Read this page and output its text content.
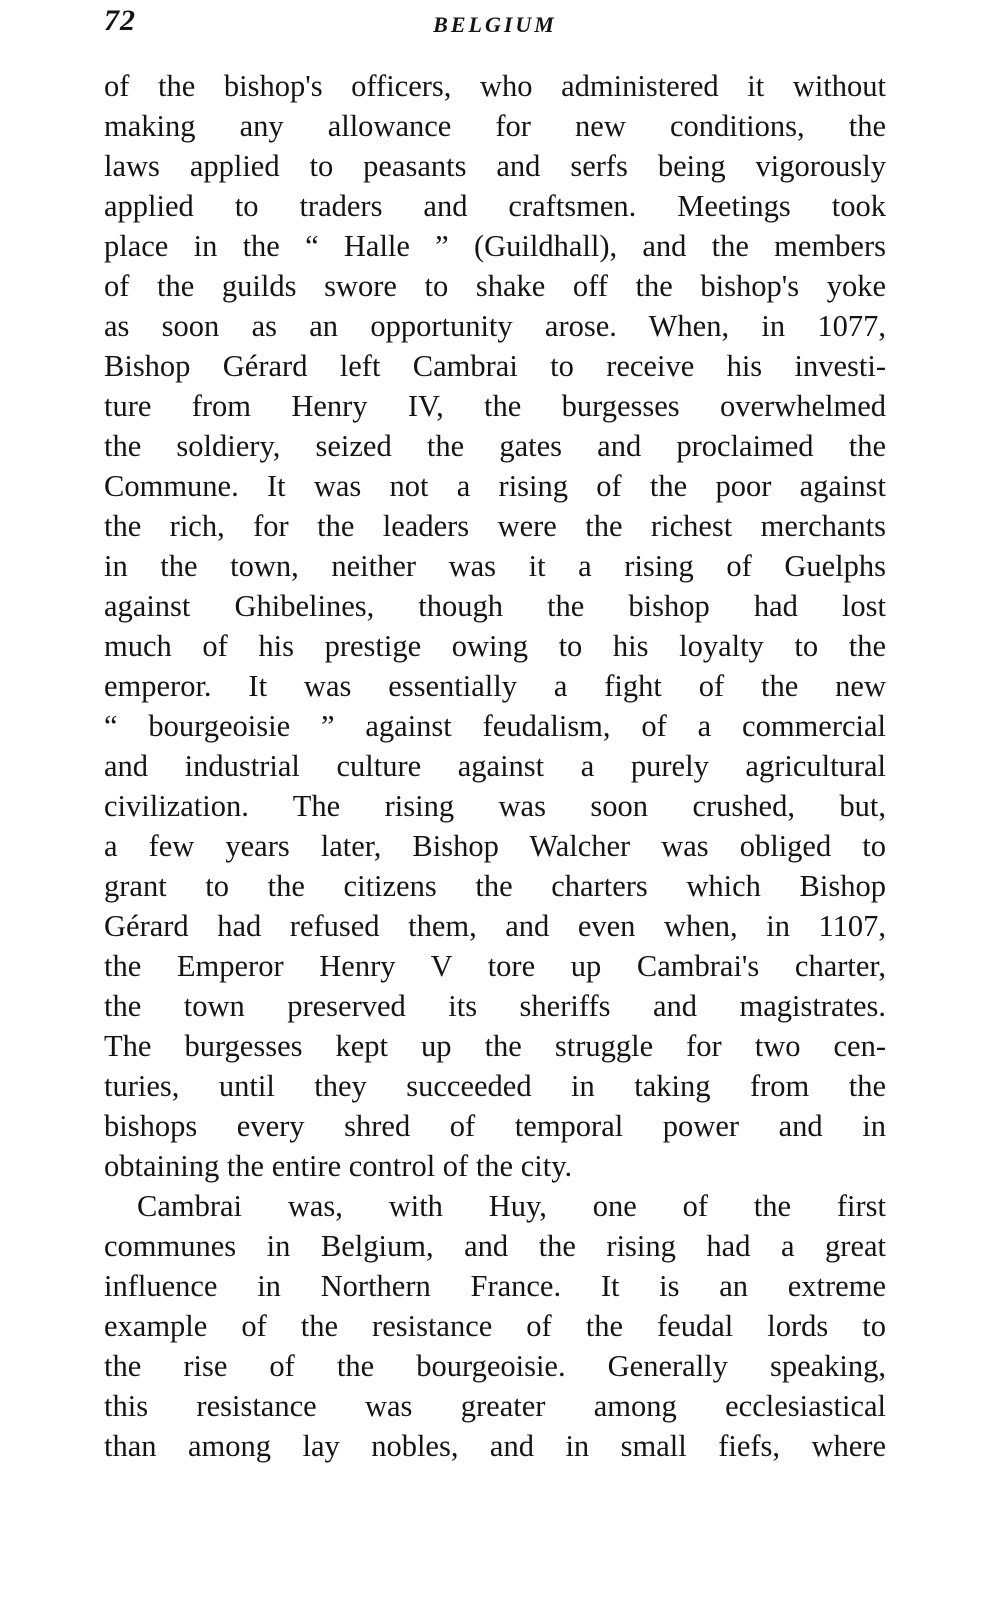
72	BELGIUM
of the bishop's officers, who administered it without
making any allowance for new conditions, the
laws applied to peasants and serfs being vigorously
applied to traders and craftsmen. Meetings took
place in the “ Halle ” (Guildhall), and the members
of the guilds swore to shake off the bishop's yoke
as soon as an opportunity arose. When, in 1077,
Bishop Gérard left Cambrai to receive his investi-
ture from Henry IV, the burgesses overwhelmed
the soldiery, seized the gates and proclaimed the
Commune. It was not a rising of the poor against
the rich, for the leaders were the richest merchants
in the town, neither was it a rising of Guelphs
against Ghibelines, though the bishop had lost
much of his prestige owing to his loyalty to the
emperor. It was essentially a fight of the new
“ bourgeoisie ” against feudalism, of a commercial
and industrial culture against a purely agricultural
civilization. The rising was soon crushed, but,
a few years later, Bishop Walcher was obliged to
grant to the citizens the charters which Bishop
Gérard had refused them, and even when, in 1107,
the Emperor Henry V tore up Cambrai's charter,
the town preserved its sheriffs and magistrates.
The burgesses kept up the struggle for two cen-
turies, until they succeeded in taking from the
bishops every shred of temporal power and in
obtaining the entire control of the city.
Cambrai was, with Huy, one of the first
communes in Belgium, and the rising had a great
influence in Northern France. It is an extreme
example of the resistance of the feudal lords to
the rise of the bourgeoisie. Generally speaking,
this resistance was greater among ecclesiastical
than among lay nobles, and in small fiefs, where
